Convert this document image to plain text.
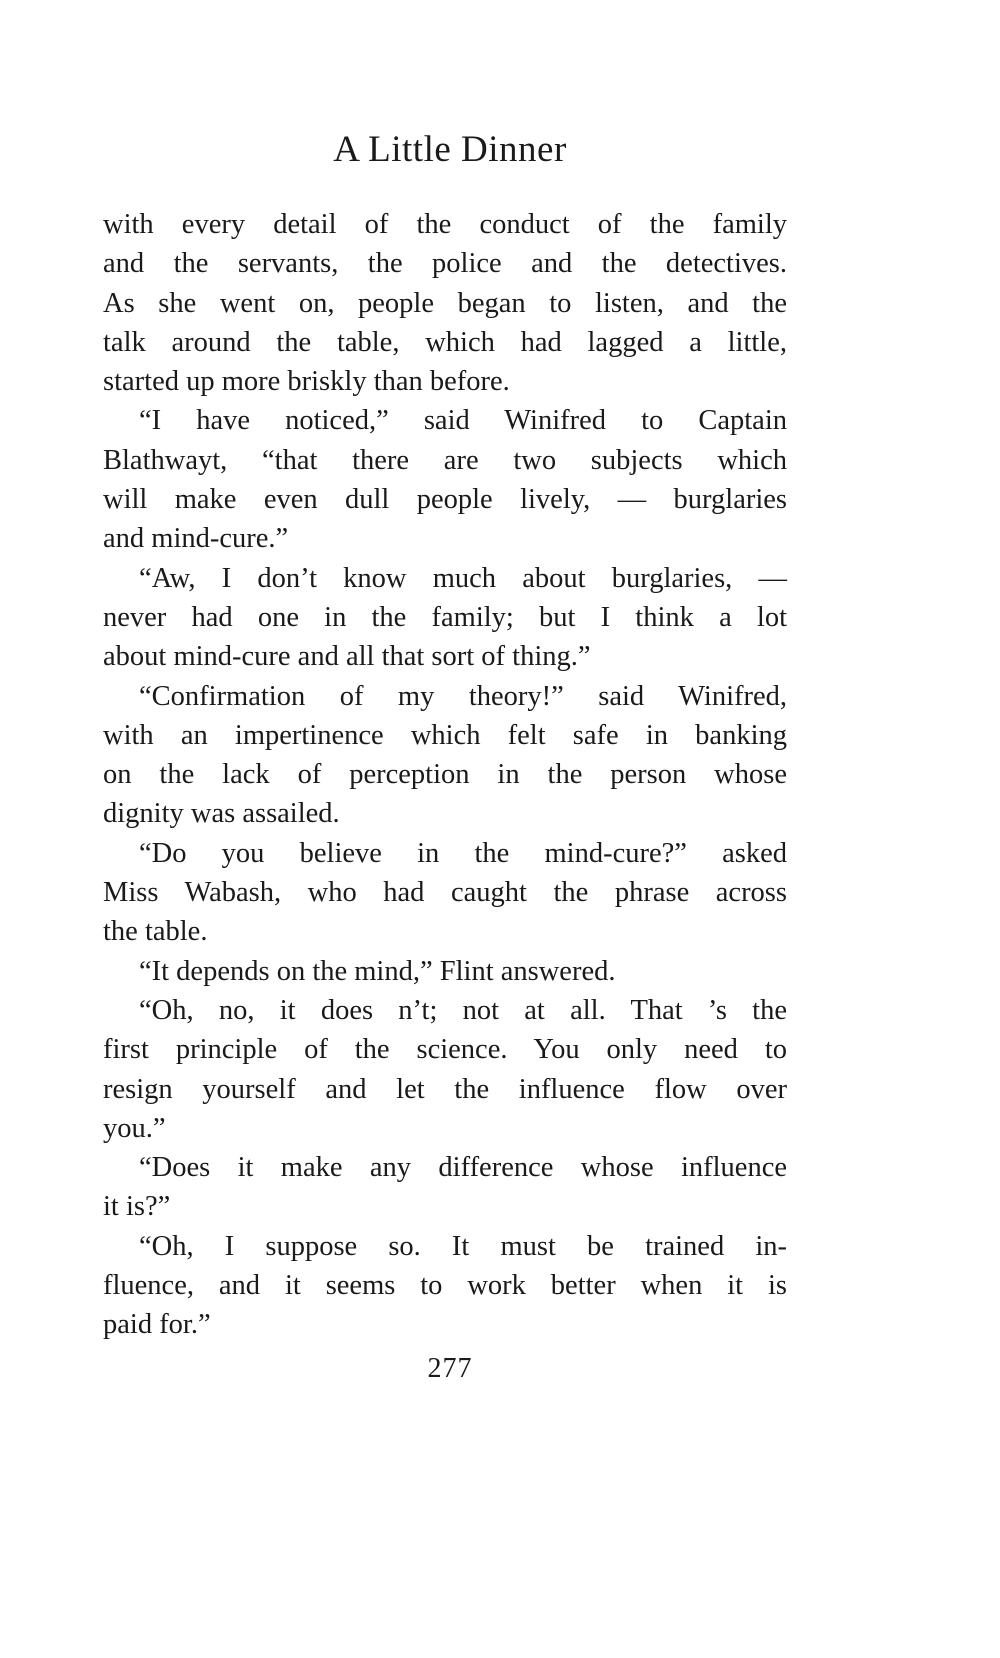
A Little Dinner
with every detail of the conduct of the family
and the servants, the police and the detectives.
As she went on, people began to listen, and the
talk around the table, which had lagged a little,
started up more briskly than before.
“I have noticed,” said Winifred to Captain
Blathwayt, “that there are two subjects which
will make even dull people lively, — burglaries
and mind-cure.”
“Aw, I don’t know much about burglaries, —
never had one in the family; but I think a lot
about mind-cure and all that sort of thing.”
“Confirmation of my theory!” said Winifred,
with an impertinence which felt safe in banking
on the lack of perception in the person whose
dignity was assailed.
“Do you believe in the mind-cure?” asked
Miss Wabash, who had caught the phrase across
the table.
“It depends on the mind,” Flint answered.
“Oh, no, it does n’t; not at all. That ’s the
first principle of the science. You only need to
resign yourself and let the influence flow over
you.”
“Does it make any difference whose influence
it is?”
“Oh, I suppose so. It must be trained in-
fluence, and it seems to work better when it is
paid for.”
277
